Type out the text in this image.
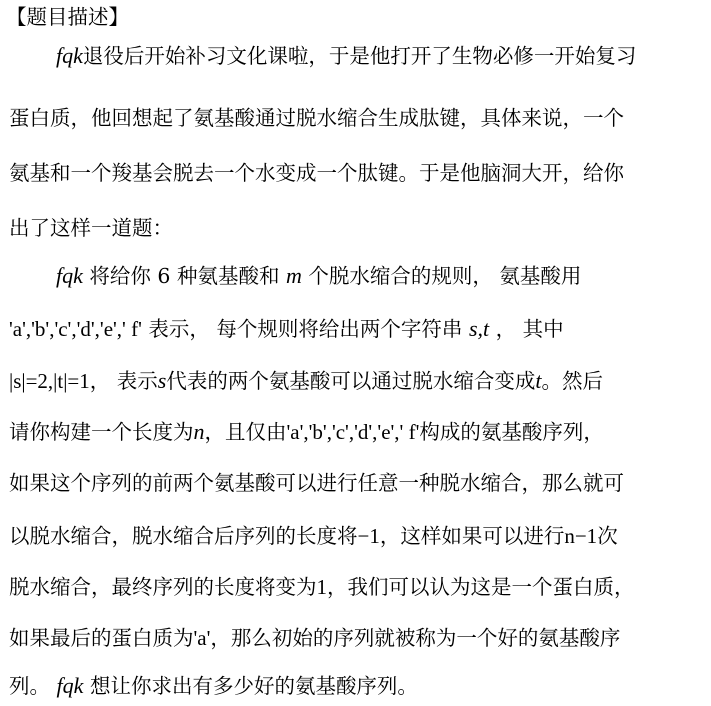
【题目描述】
fqk退役后开始补习文化课啦，于是他打开了生物必修一开始复习
蛋白质，他回想起了氨基酸通过脱水缩合生成肽键，具体来说，一个
氨基和一个羧基会脱去一个水变成一个肽键。于是他脑洞大开，给你
出了这样一道题：
fqk 将给你 6 种氨基酸和 m 个脱水缩合的规则， 氨基酸用
'a','b','c','d','e',' f' 表示， 每个规则将给出两个字符串 s,t ， 其中
|s|=2,|t|=1， 表示s代表的两个氨基酸可以通过脱水缩合变成t。然后
请你构建一个长度为n，且仅由'a','b','c','d','e',' f'构成的氨基酸序列，
如果这个序列的前两个氨基酸可以进行任意一种脱水缩合，那么就可
以脱水缩合，脱水缩合后序列的长度将−1，这样如果可以进行n−1次
脱水缩合，最终序列的长度将变为1，我们可以认为这是一个蛋白质，
如果最后的蛋白质为'a'，那么初始的序列就被称为一个好的氨基酸序
列。 fqk 想让你求出有多少好的氨基酸序列。
